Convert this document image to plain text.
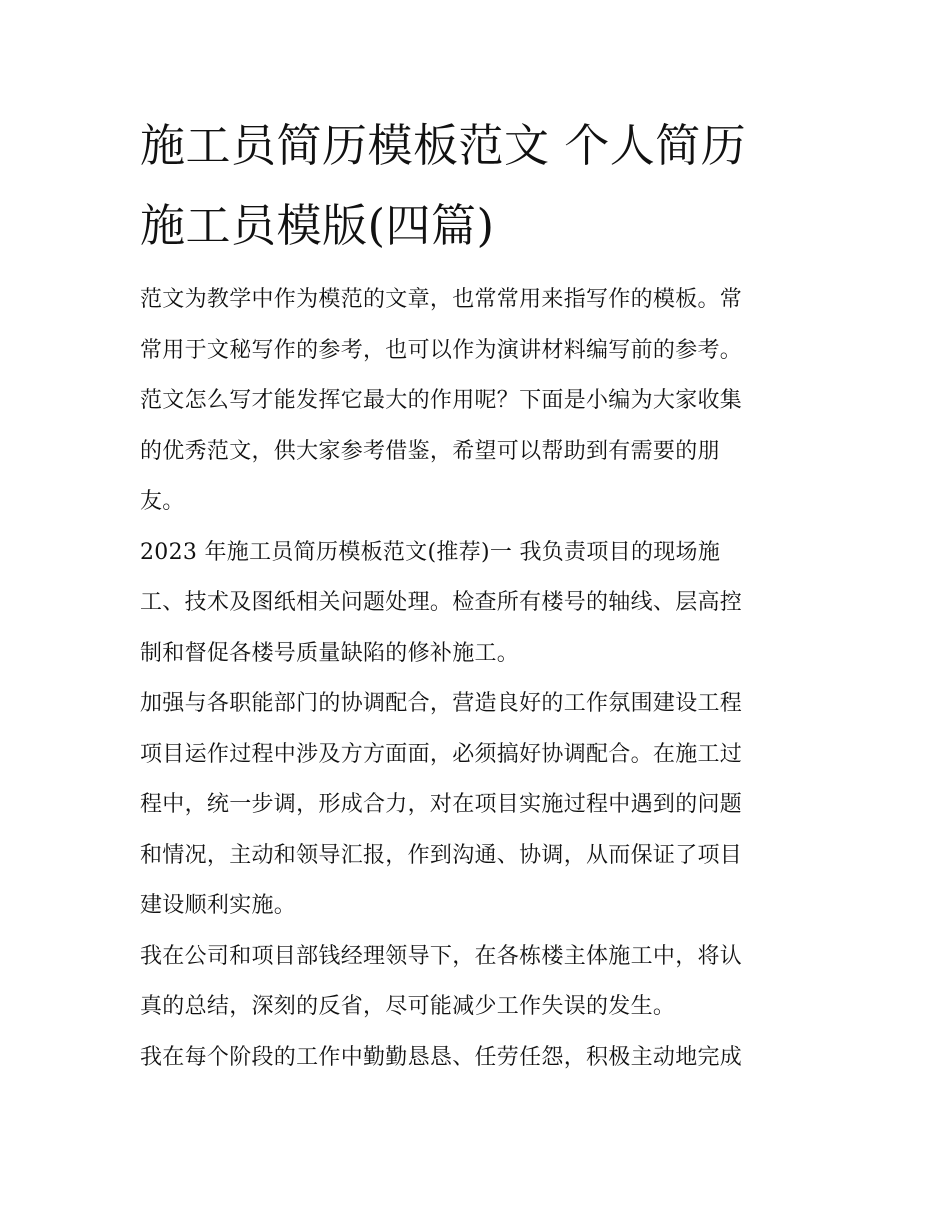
施工员简历模板范文 个人简历
施工员模版(四篇)
范文为教学中作为模范的文章，也常常用来指写作的模板。常
常用于文秘写作的参考，也可以作为演讲材料编写前的参考。
范文怎么写才能发挥它最大的作用呢？下面是小编为大家收集
的优秀范文，供大家参考借鉴，希望可以帮助到有需要的朋
友。
2023 年施工员简历模板范文(推荐)一 我负责项目的现场施
工、技术及图纸相关问题处理。检查所有楼号的轴线、层高控
制和督促各楼号质量缺陷的修补施工。
加强与各职能部门的协调配合，营造良好的工作氛围建设工程
项目运作过程中涉及方方面面，必须搞好协调配合。在施工过
程中，统一步调，形成合力，对在项目实施过程中遇到的问题
和情况，主动和领导汇报，作到沟通、协调，从而保证了项目
建设顺利实施。
我在公司和项目部钱经理领导下，在各栋楼主体施工中，将认
真的总结，深刻的反省，尽可能减少工作失误的发生。
我在每个阶段的工作中勤勤恳恳、任劳任怨，积极主动地完成
